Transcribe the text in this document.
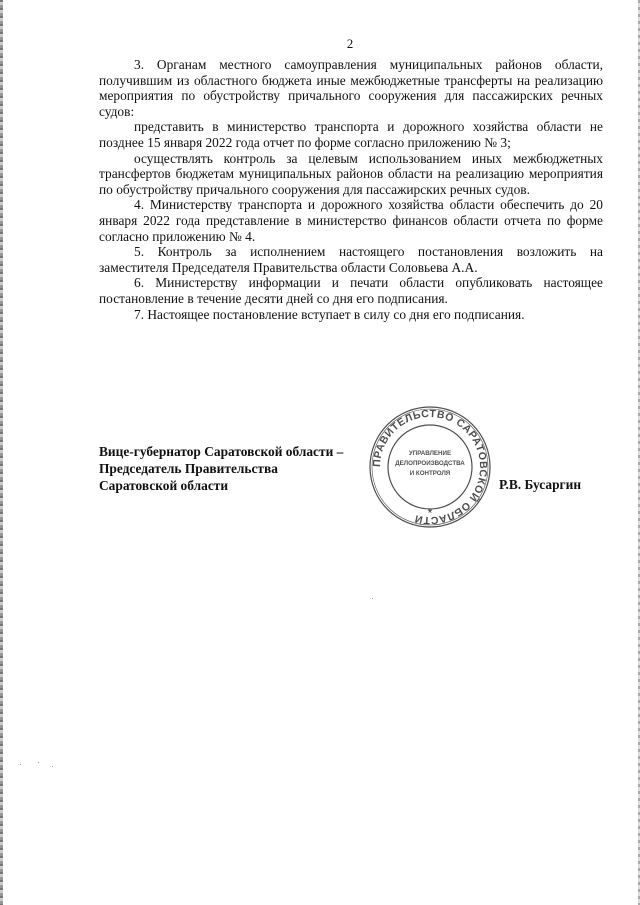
2

3. Органам местного самоуправления муниципальных районов области, получившим из областного бюджета иные межбюджетные трансферты на реализацию мероприятия по обустройству причального сооружения для пассажирских речных судов:

представить в министерство транспорта и дорожного хозяйства области не позднее 15 января 2022 года отчет по форме согласно приложению № 3;

осуществлять контроль за целевым использованием иных межбюджетных трансфертов бюджетам муниципальных районов области на реализацию мероприятия по обустройству причального сооружения для пассажирских речных судов.

4. Министерству транспорта и дорожного хозяйства области обеспечить до 20 января 2022 года представление в министерство финансов области отчета по форме согласно приложению № 4.

5. Контроль за исполнением настоящего постановления возложить на заместителя Председателя Правительства области Соловьева А.А.

6. Министерству информации и печати области опубликовать настоящее постановление в течение десяти дней со дня его подписания.

7. Настоящее постановление вступает в силу со дня его подписания.

Вице-губернатор Саратовской области –
Председатель Правительства
Саратовской области	Р.В. Бусаргин
ПРАВИТЕЛЬСТВО САРАТОВСКОЙ ОБЛАСТИ
УПРАВЛЕНИЕ
ДЕЛОПРОИЗВОДСТВА
И КОНТРОЛЯ
*
